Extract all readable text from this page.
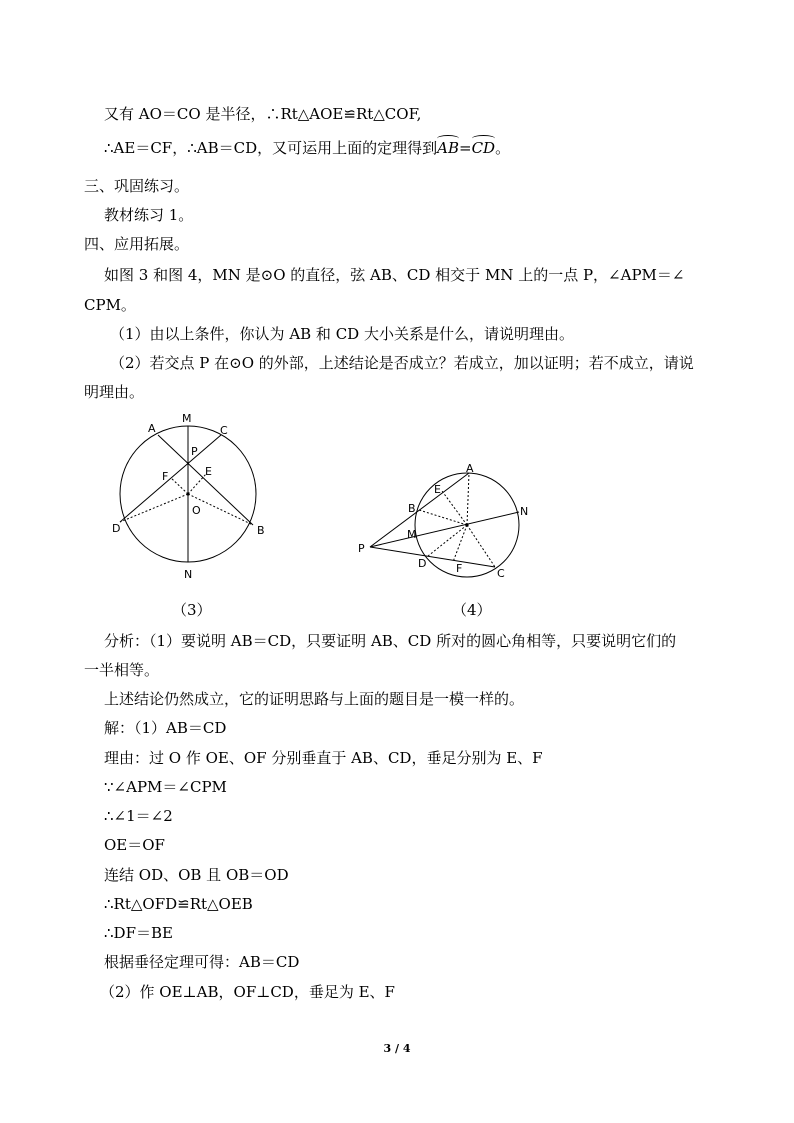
又有 AO＝CO 是半径，∴Rt△AOE≌Rt△COF,
∴AE＝CF，∴AB＝CD，又可运用上面的定理得到AB=CD。
三、巩固练习。
教材练习 1。
四、应用拓展。
如图 3 和图 4，MN 是⊙O 的直径，弦 AB、CD 相交于 MN 上的一点 P，∠APM＝∠
CPM。
（1）由以上条件，你认为 AB 和 CD 大小关系是什么，请说明理由。
（2）若交点 P 在⊙O 的外部，上述结论是否成立？若成立，加以证明；若不成立，请说
明理由。
A
M
C
P
F	E
O
D	B
N
A
E
B
M
N
P
D	F	C
（3）	（4）
分析：（1）要说明 AB＝CD，只要证明 AB、CD 所对的圆心角相等，只要说明它们的
一半相等。
上述结论仍然成立，它的证明思路与上面的题目是一模一样的。
解：（1）AB＝CD
理由：过 O 作 OE、OF 分别垂直于 AB、CD，垂足分别为 E、F
∵∠APM＝∠CPM
∴∠1＝∠2
OE＝OF
连结 OD、OB 且 OB＝OD
∴Rt△OFD≌Rt△OEB
∴DF＝BE
根据垂径定理可得：AB＝CD
（2）作 OE⊥AB，OF⊥CD，垂足为 E、F
3 / 4
